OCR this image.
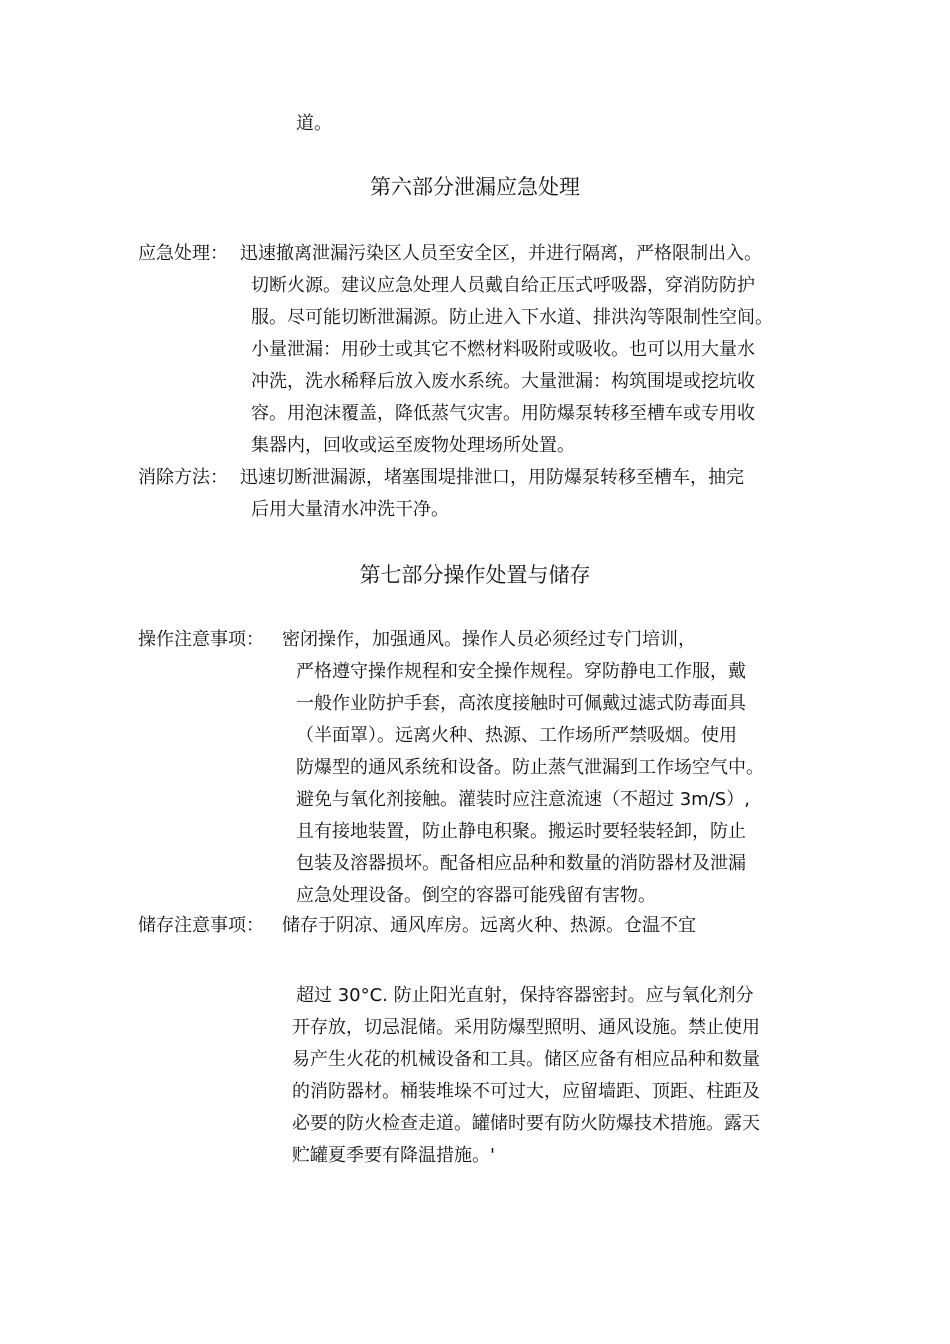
道。
第六部分泄漏应急处理
应急处理： 迅速撤离泄漏污染区人员至安全区，并进行隔离，严格限制出入。
切断火源。建议应急处理人员戴自给正压式呼吸器，穿消防防护
服。尽可能切断泄漏源。防止进入下水道、排洪沟等限制性空间。
小量泄漏：用砂士或其它不燃材料吸附或吸收。也可以用大量水
冲洗，洗水稀释后放入废水系统。大量泄漏：构筑围堤或挖坑收
容。用泡沫覆盖，降低蒸气灾害。用防爆泵转移至槽车或专用收
集器内，回收或运至废物处理场所处置。
消除方法： 迅速切断泄漏源，堵塞围堤排泄口，用防爆泵转移至槽车，抽完
后用大量清水冲洗干净。
第七部分操作处置与储存
操作注意事项： 密闭操作，加强通风。操作人员必须经过专门培训，
严格遵守操作规程和安全操作规程。穿防静电工作服，戴
一般作业防护手套，高浓度接触时可佩戴过滤式防毒面具
（半面罩）。远离火种、热源、工作场所严禁吸烟。使用
防爆型的通风系统和设备。防止蒸气泄漏到工作场空气中。
避免与氧化剂接触。灌装时应注意流速（不超过 3m/S）,
且有接地装置，防止静电积聚。搬运时要轻装轻卸，防止
包装及溶器损坏。配备相应品种和数量的消防器材及泄漏
应急处理设备。倒空的容器可能残留有害物。
储存注意事项： 储存于阴凉、通风库房。远离火种、热源。仓温不宜
超过 30°C. 防止阳光直射，保持容器密封。应与氧化剂分
开存放，切忌混储。采用防爆型照明、通风设施。禁止使用
易产生火花的机械设备和工具。储区应备有相应品种和数量
的消防器材。桶装堆垛不可过大，应留墙距、顶距、柱距及
必要的防火检查走道。罐储时要有防火防爆技术措施。露天
贮罐夏季要有降温措施。'
